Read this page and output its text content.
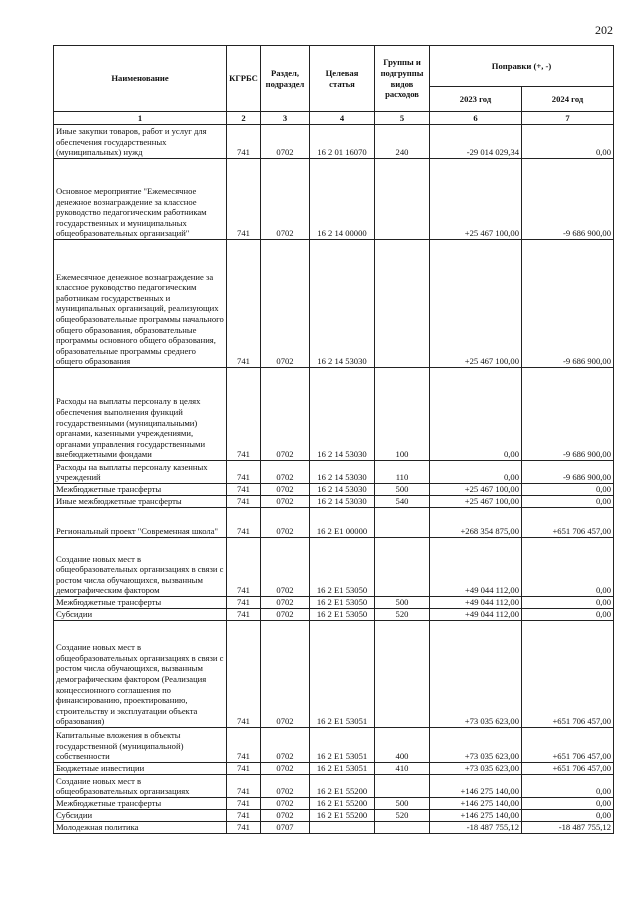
202
Наименование	КГРБС	Раздел, подраздел	Целевая статья	Группы и подгруппы видов расходов	Поправки (+, -)	
					2023 год	2024 год
1	2	3	4	5	6	7
Иные закупки товаров, работ и услуг для обеспечения государственных (муниципальных) нужд	741	0702	16 2 01 16070	240	-29 014 029,34	0,00
Основное мероприятие "Ежемесячное денежное вознаграждение за классное руководство педагогическим работникам государственных и муниципальных общеобразовательных организаций"	741	0702	16 2 14 00000		+25 467 100,00	-9 686 900,00
Ежемесячное денежное вознаграждение за классное руководство педагогическим работникам государственных и муниципальных организаций, реализующих общеобразовательные программы начального общего образования, образовательные программы основного общего образования, образовательные программы среднего общего образования	741	0702	16 2 14 53030		+25 467 100,00	-9 686 900,00
Расходы на выплаты персоналу в целях обеспечения выполнения функций государственными (муниципальными) органами, казенными учреждениями, органами управления государственными внебюджетными фондами	741	0702	16 2 14 53030	100	0,00	-9 686 900,00
Расходы на выплаты персоналу казенных учреждений	741	0702	16 2 14 53030	110	0,00	-9 686 900,00
Межбюджетные трансферты	741	0702	16 2 14 53030	500	+25 467 100,00	0,00
Иные межбюджетные трансферты	741	0702	16 2 14 53030	540	+25 467 100,00	0,00
Региональный проект "Современная школа"	741	0702	16 2 E1 00000		+268 354 875,00	+651 706 457,00
Создание новых мест в общеобразовательных организациях в связи с ростом числа обучающихся, вызванным демографическим фактором	741	0702	16 2 E1 53050		+49 044 112,00	0,00
Межбюджетные трансферты	741	0702	16 2 E1 53050	500	+49 044 112,00	0,00
Субсидии	741	0702	16 2 E1 53050	520	+49 044 112,00	0,00
Создание новых мест в общеобразовательных организациях в связи с ростом числа обучающихся, вызванным демографическим фактором (Реализация концессионного соглашения по финансированию, проектированию, строительству и эксплуатации объекта образования)	741	0702	16 2 E1 53051		+73 035 623,00	+651 706 457,00
Капитальные вложения в объекты государственной (муниципальной) собственности	741	0702	16 2 E1 53051	400	+73 035 623,00	+651 706 457,00
Бюджетные инвестиции	741	0702	16 2 E1 53051	410	+73 035 623,00	+651 706 457,00
Создание новых мест в общеобразовательных организациях	741	0702	16 2 E1 55200		+146 275 140,00	0,00
Межбюджетные трансферты	741	0702	16 2 E1 55200	500	+146 275 140,00	0,00
Субсидии	741	0702	16 2 E1 55200	520	+146 275 140,00	0,00
Молодежная политика	741	0707			-18 487 755,12	-18 487 755,12
